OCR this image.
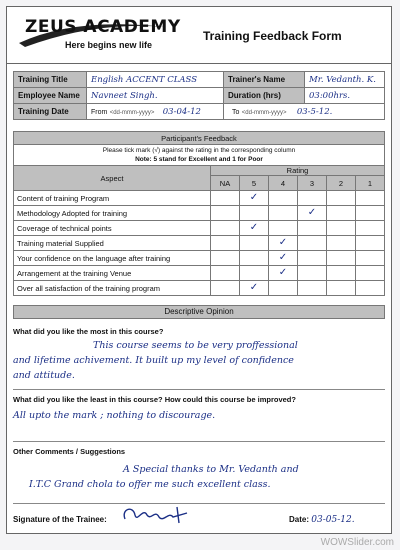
ZEUS ACADEMY
Here begins new life
Training Feedback Form
Training Title	English ACCENT CLASS	Trainer's Name	Mr. Vedanth. K.
Employee Name	Navneet Singh.	Duration (hrs)	03:00hrs.
Training Date	From <dd-mmm-yyyy> 03-04-12	To <dd-mmm-yyyy> 03-5-12.	
Participant's Feedback						
Please tick mark (√) against the rating in the corresponding column
Note: 5 stand for Excellent and 1 for Poor						
Aspect	Rating					
	NA	5	4	3	2	1
Content of training Program		✓				
Methodology Adopted for training				✓		
Coverage of technical points		✓				
Training material Supplied			✓			
Your confidence on the language after training			✓			
Arrangement at the training Venue			✓			
Over all satisfaction of the training program		✓				
Descriptive Opinion

What did you like the most in this course?

This course seems to be very proffessional
and lifetime achivement. It built up my level of confidence
and attitude.

What did you like the least in this course? How could this course be improved?

All upto the mark ; nothing to discourage.

Other Comments / Suggestions

A Special thanks to Mr. Vedanth and
I.T.C Grand chola to offer me such excellent class.
Signature of the Trainee:	Date: 03-05-12.
WOWSlider.com
